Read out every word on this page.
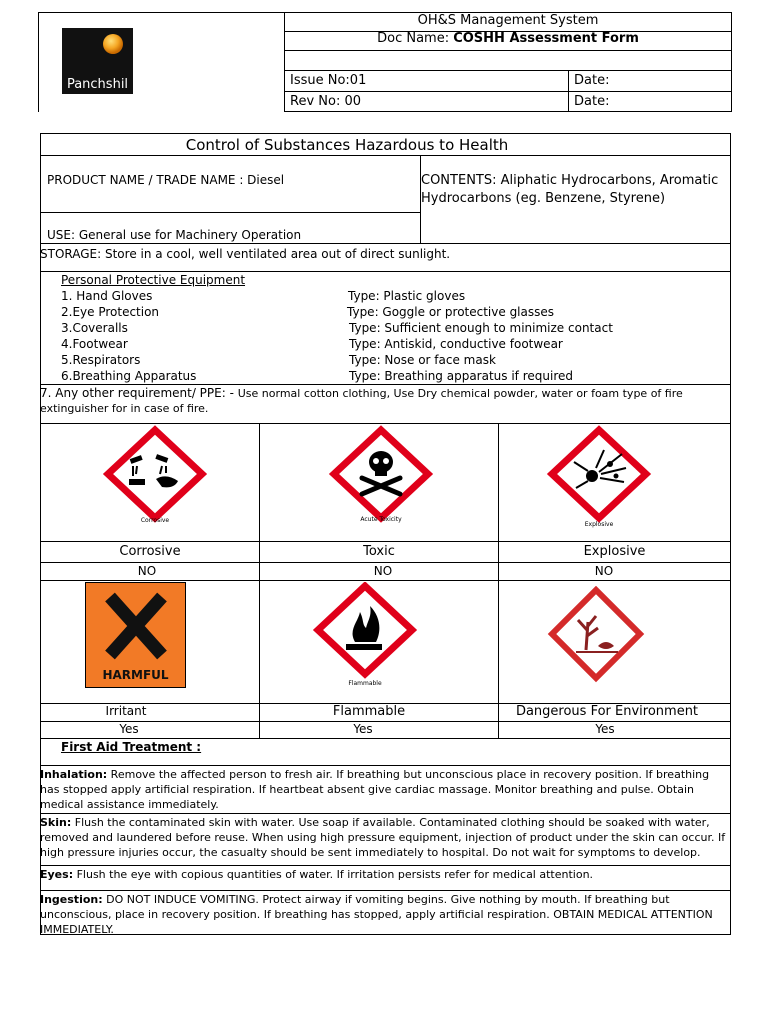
Panchshil
OH&S Management System
Doc Name: COSHH Assessment Form
Issue No:01	Date:
Rev No: 00	Date:
Control of Substances Hazardous to Health
PRODUCT NAME / TRADE NAME : Diesel	CONTENTS: Aliphatic Hydrocarbons, Aromatic Hydrocarbons (eg. Benzene, Styrene)
USE: General use for Machinery Operation
STORAGE: Store in a cool, well ventilated area out of direct sunlight.
Personal Protective Equipment
1. Hand Gloves	Type: Plastic gloves
2.Eye Protection	Type: Goggle or protective glasses
3.Coveralls	Type: Sufficient enough to minimize contact
4.Footwear	Type: Antiskid, conductive footwear
5.Respirators	Type: Nose or face mask
6.Breathing Apparatus	Type: Breathing apparatus if required
7. Any other requirement/ PPE: - Use normal cotton clothing, Use Dry chemical powder, water or foam type of fire extinguisher for in case of fire.
Corrosive	Acute Toxicity
Explosive
HARMFUL
Flammable
Corrosive	Toxic	Explosive
NO	NO	NO
Irritant	Flammable	Dangerous For Environment
Yes	Yes	Yes
First Aid Treatment :
Inhalation: Remove the affected person to fresh air. If breathing but unconscious place in recovery position. If breathing has stopped apply artificial respiration. If heartbeat absent give cardiac massage. Monitor breathing and pulse. Obtain medical assistance immediately.
Skin: Flush the contaminated skin with water. Use soap if available. Contaminated clothing should be soaked with water, removed and laundered before reuse. When using high pressure equipment, injection of product under the skin can occur. If high pressure injuries occur, the casualty should be sent immediately to hospital. Do not wait for symptoms to develop.
Eyes: Flush the eye with copious quantities of water. If irritation persists refer for medical attention.
Ingestion: DO NOT INDUCE VOMITING. Protect airway if vomiting begins. Give nothing by mouth. If breathing but unconscious, place in recovery position. If breathing has stopped, apply artificial respiration. OBTAIN MEDICAL ATTENTION IMMEDIATELY.
